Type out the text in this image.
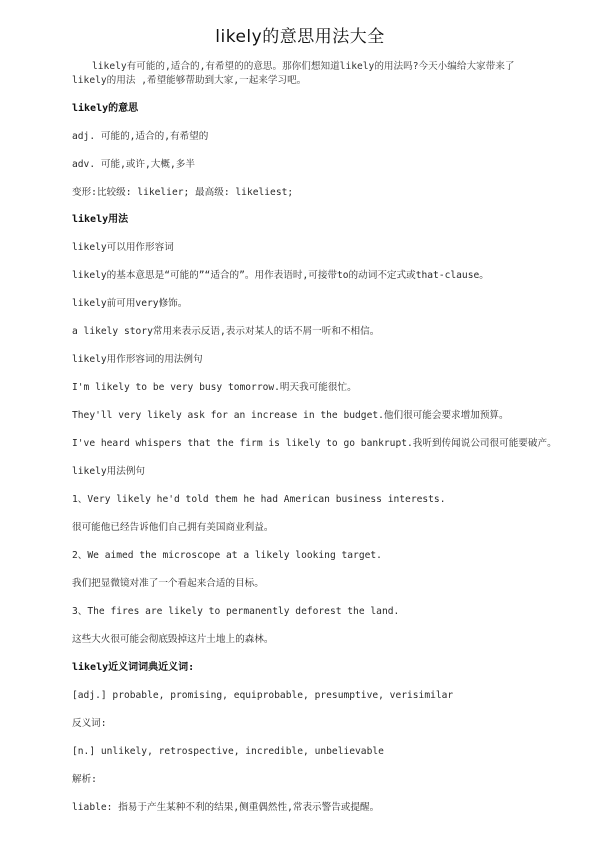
likely的意思用法大全

likely有可能的,适合的,有希望的的意思。那你们想知道likely的用法吗?今天小编给大家带来了likely的用法 ,希望能够帮助到大家,一起来学习吧。

likely的意思

adj. 可能的,适合的,有希望的

adv. 可能,或许,大概,多半

变形:比较级: likelier; 最高级: likeliest;

likely用法

likely可以用作形容词

likely的基本意思是“可能的”“适合的”。用作表语时,可接带to的动词不定式或that-clause。

likely前可用very修饰。

a likely story常用来表示反语,表示对某人的话不屑一听和不相信。

likely用作形容词的用法例句

I'm likely to be very busy tomorrow.明天我可能很忙。

They'll very likely ask for an increase in the budget.他们很可能会要求增加预算。

I've heard whispers that the firm is likely to go bankrupt.我听到传闻说公司很可能要破产。

likely用法例句

1、Very likely he'd told them he had American business interests.

很可能他已经告诉他们自己拥有美国商业利益。

2、We aimed the microscope at a likely looking target.

我们把显微镜对准了一个看起来合适的目标。

3、The fires are likely to permanently deforest the land.

这些大火很可能会彻底毁掉这片土地上的森林。

likely近义词词典近义词:

[adj.] probable, promising, equiprobable, presumptive, verisimilar

反义词:

[n.] unlikely, retrospective, incredible, unbelievable

解析:

liable: 指易于产生某种不利的结果,侧重偶然性,常表示警告或提醒。
